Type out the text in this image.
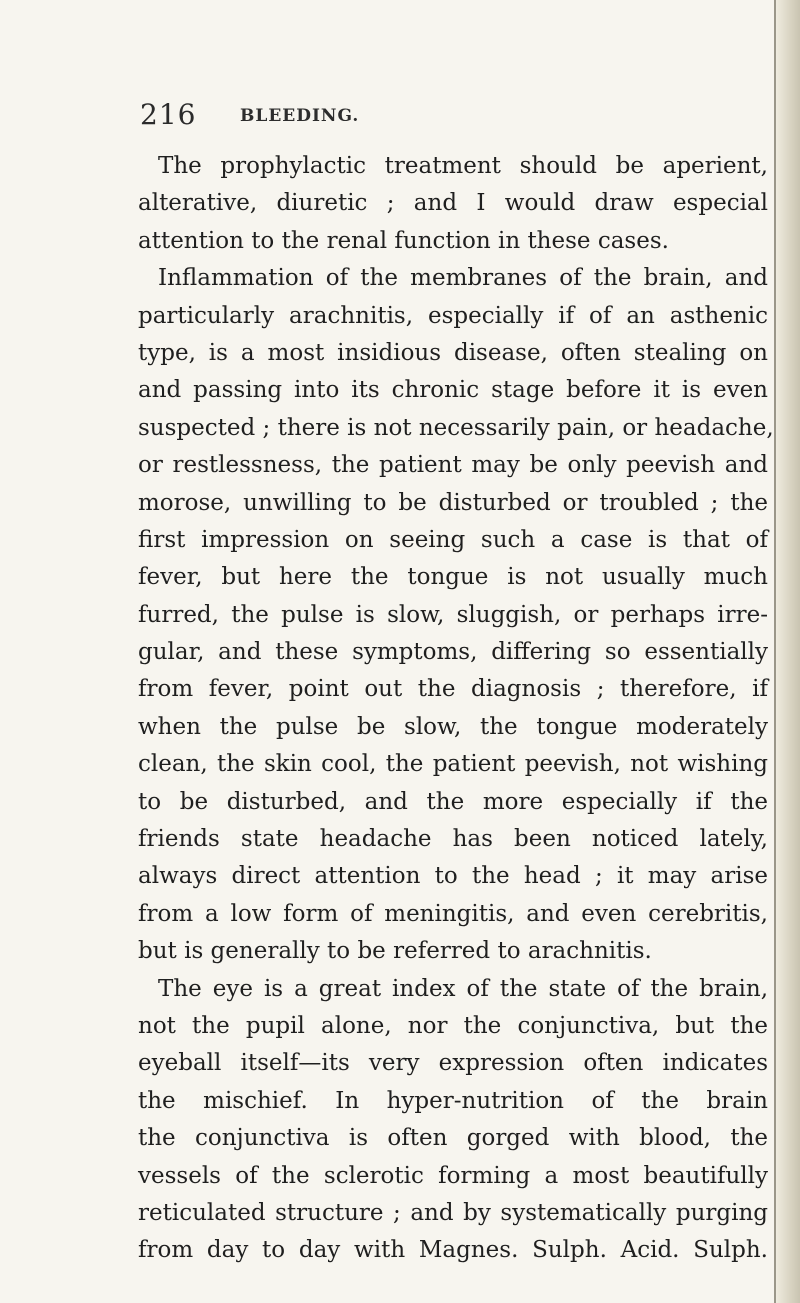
216	BLEEDING.
The prophylactic treatment should be aperient,
alterative, diuretic ; and I would draw especial
attention to the renal function in these cases.
Inflammation of the membranes of the brain, and
particularly arachnitis, especially if of an asthenic
type, is a most insidious disease, often stealing on
and passing into its chronic stage before it is even
suspected ; there is not necessarily pain, or headache,
or restlessness, the patient may be only peevish and
morose, unwilling to be disturbed or troubled ; the
first impression on seeing such a case is that of
fever, but here the tongue is not usually much
furred, the pulse is slow, sluggish, or perhaps irre-
gular, and these symptoms, differing so essentially
from fever, point out the diagnosis ; therefore, if
when the pulse be slow, the tongue moderately
clean, the skin cool, the patient peevish, not wishing
to be disturbed, and the more especially if the
friends state headache has been noticed lately,
always direct attention to the head ; it may arise
from a low form of meningitis, and even cerebritis,
but is generally to be referred to arachnitis.
The eye is a great index of the state of the brain,
not the pupil alone, nor the conjunctiva, but the
eyeball itself—its very expression often indicates
the mischief. In hyper-nutrition of the brain
the conjunctiva is often gorged with blood, the
vessels of the sclerotic forming a most beautifully
reticulated structure ; and by systematically purging
from day to day with Magnes. Sulph. Acid. Sulph.
